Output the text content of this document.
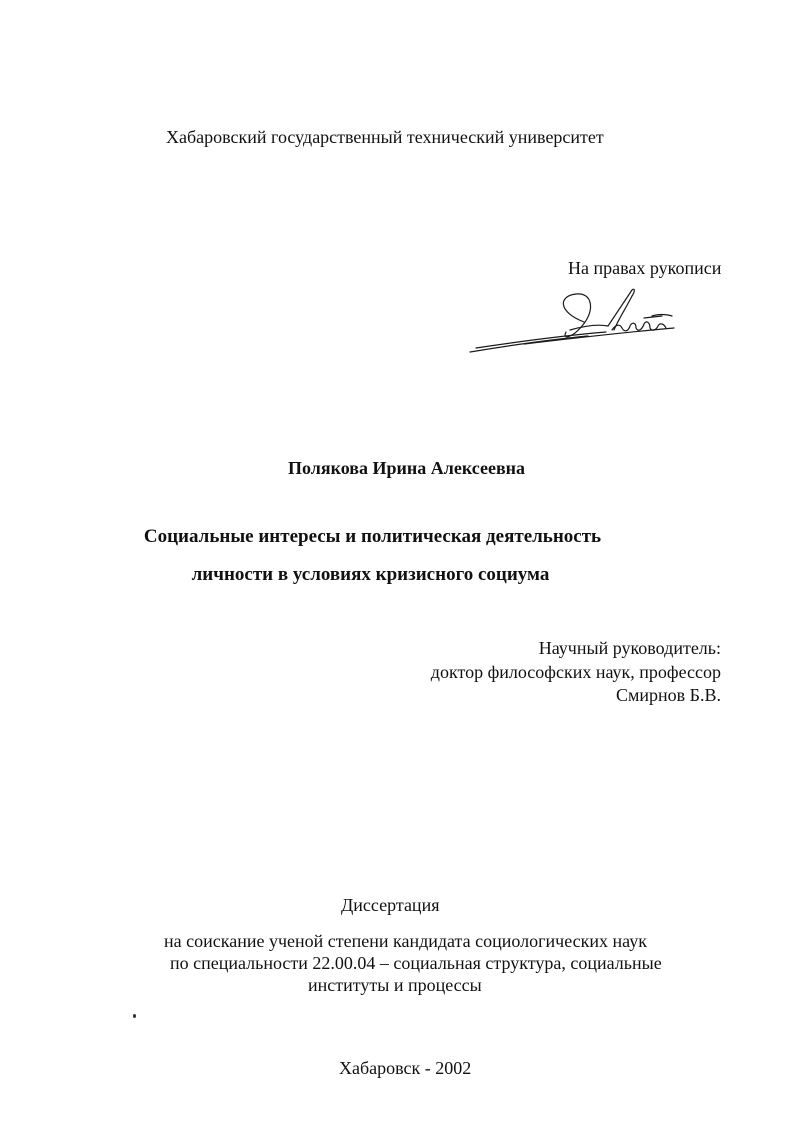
Хабаровский государственный технический университет
На правах рукописи
Полякова Ирина Алексеевна
Социальные интересы и политическая деятельность
личности в условиях кризисного социума
Научный руководитель:
доктор философских наук, профессор
Смирнов Б.В.
Диссертация
на соискание ученой степени кандидата социологических наук
по специальности 22.00.04 – социальная структура, социальные
институты и процессы
Хабаровск - 2002
